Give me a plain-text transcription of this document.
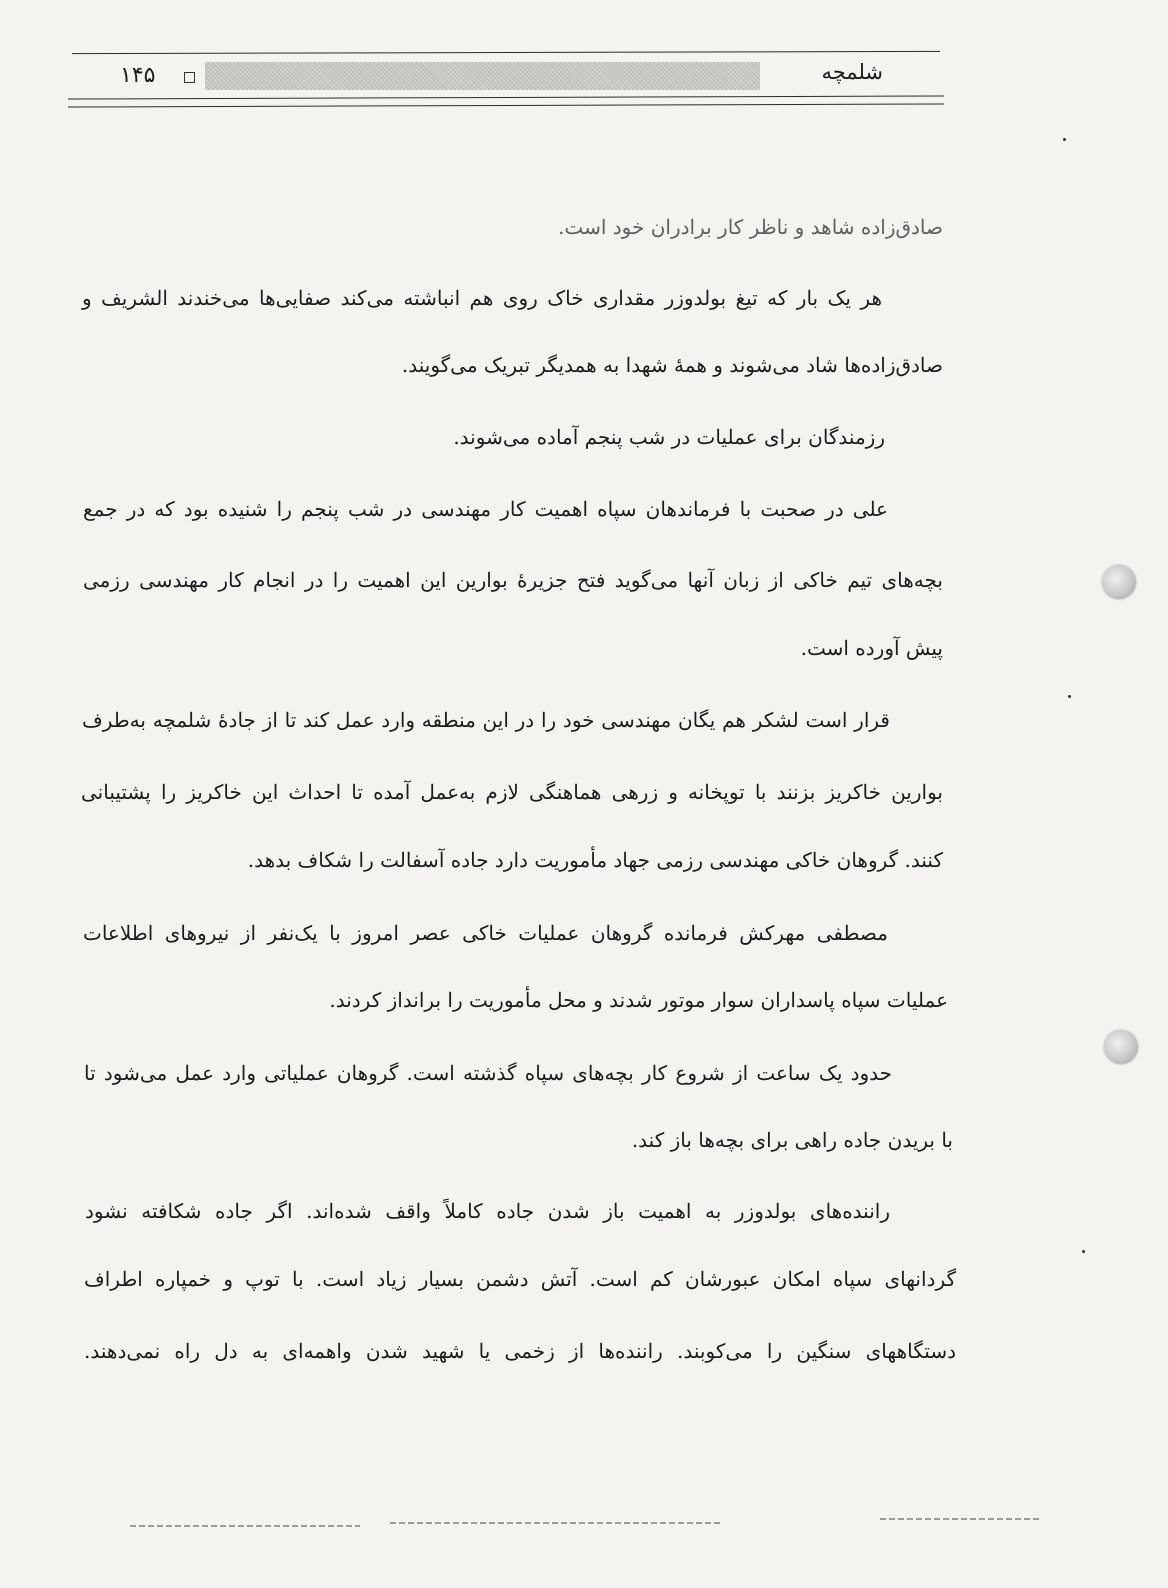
۱۴۵	شلمچه
صادق‌زاده شاهد و ناظر کار برادران خود است.
هر یک بار که تیغ بولدوزر مقداری خاک روی هم انباشته می‌کند صفایی‌ها می‌خندند الشریف و
صادق‌زاده‌ها شاد می‌شوند و همهٔ شهدا به همدیگر تبریک می‌گویند.
رزمندگان برای عملیات در شب پنجم آماده می‌شوند.
علی در صحبت با فرماندهان سپاه اهمیت کار مهندسی در شب پنجم را شنیده بود که در جمع
بچه‌های تیم خاکی از زبان آنها می‌گوید فتح جزیرهٔ بوارین این اهمیت را در انجام کار مهندسی رزمی
پیش آورده است.
قرار است لشکر هم یگان مهندسی خود را در این منطقه وارد عمل کند تا از جادهٔ شلمچه به‌طرف
بوارین خاکریز بزنند با توپخانه و زرهی هماهنگی لازم به‌عمل آمده تا احداث این خاکریز را پشتیبانی
کنند. گروهان خاکی مهندسی رزمی جهاد مأموریت دارد جاده آسفالت را شکاف بدهد.
مصطفی مهرکش فرمانده گروهان عملیات خاکی عصر امروز با یک‌نفر از نیروهای اطلاعات
عملیات سپاه پاسداران سوار موتور شدند و محل مأموریت را برانداز کردند.
حدود یک ساعت از شروع کار بچه‌های سپاه گذشته است. گروهان عملیاتی وارد عمل می‌شود تا
با بریدن جاده راهی برای بچه‌ها باز کند.
راننده‌های بولدوزر به اهمیت باز شدن جاده کاملاً واقف شده‌اند. اگر جاده شکافته نشود
گردانهای سپاه امکان عبورشان کم است. آتش دشمن بسیار زیاد است. با توپ و خمپاره اطراف
دستگاههای سنگین را می‌کوبند. راننده‌ها از زخمی یا شهید شدن واهمه‌ای به دل راه نمی‌دهند.
